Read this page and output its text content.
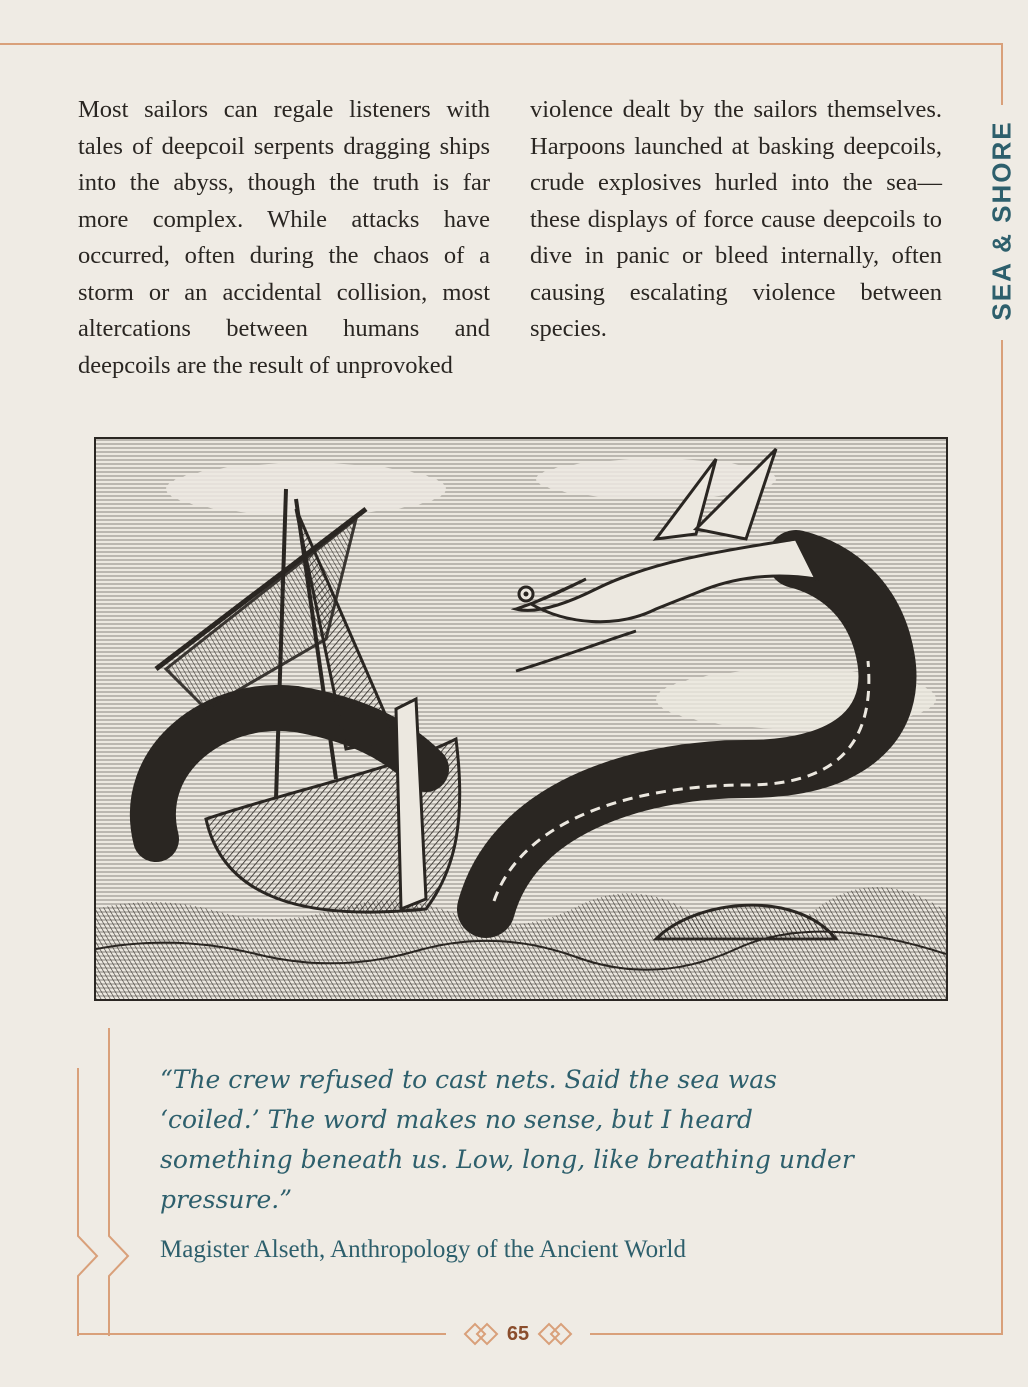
SEA & SHORE
Most sailors can regale listeners with tales of deepcoil serpents dragging ships into the abyss, though the truth is far more complex. While attacks have occurred, often during the chaos of a storm or an accidental collision, most altercations between humans and deepcoils are the result of unprovoked
violence dealt by the sailors themselves. Harpoons launched at basking deepcoils, crude explosives hurled into the sea—these displays of force cause deepcoils to dive in panic or bleed internally, often causing escalating violence between species.
“The crew refused to cast nets. Said the sea was ‘coiled.’ The word makes no sense, but I heard something beneath us. Low, long, like breathing under pressure.”
Magister Alseth, Anthropology of the Ancient World
65
